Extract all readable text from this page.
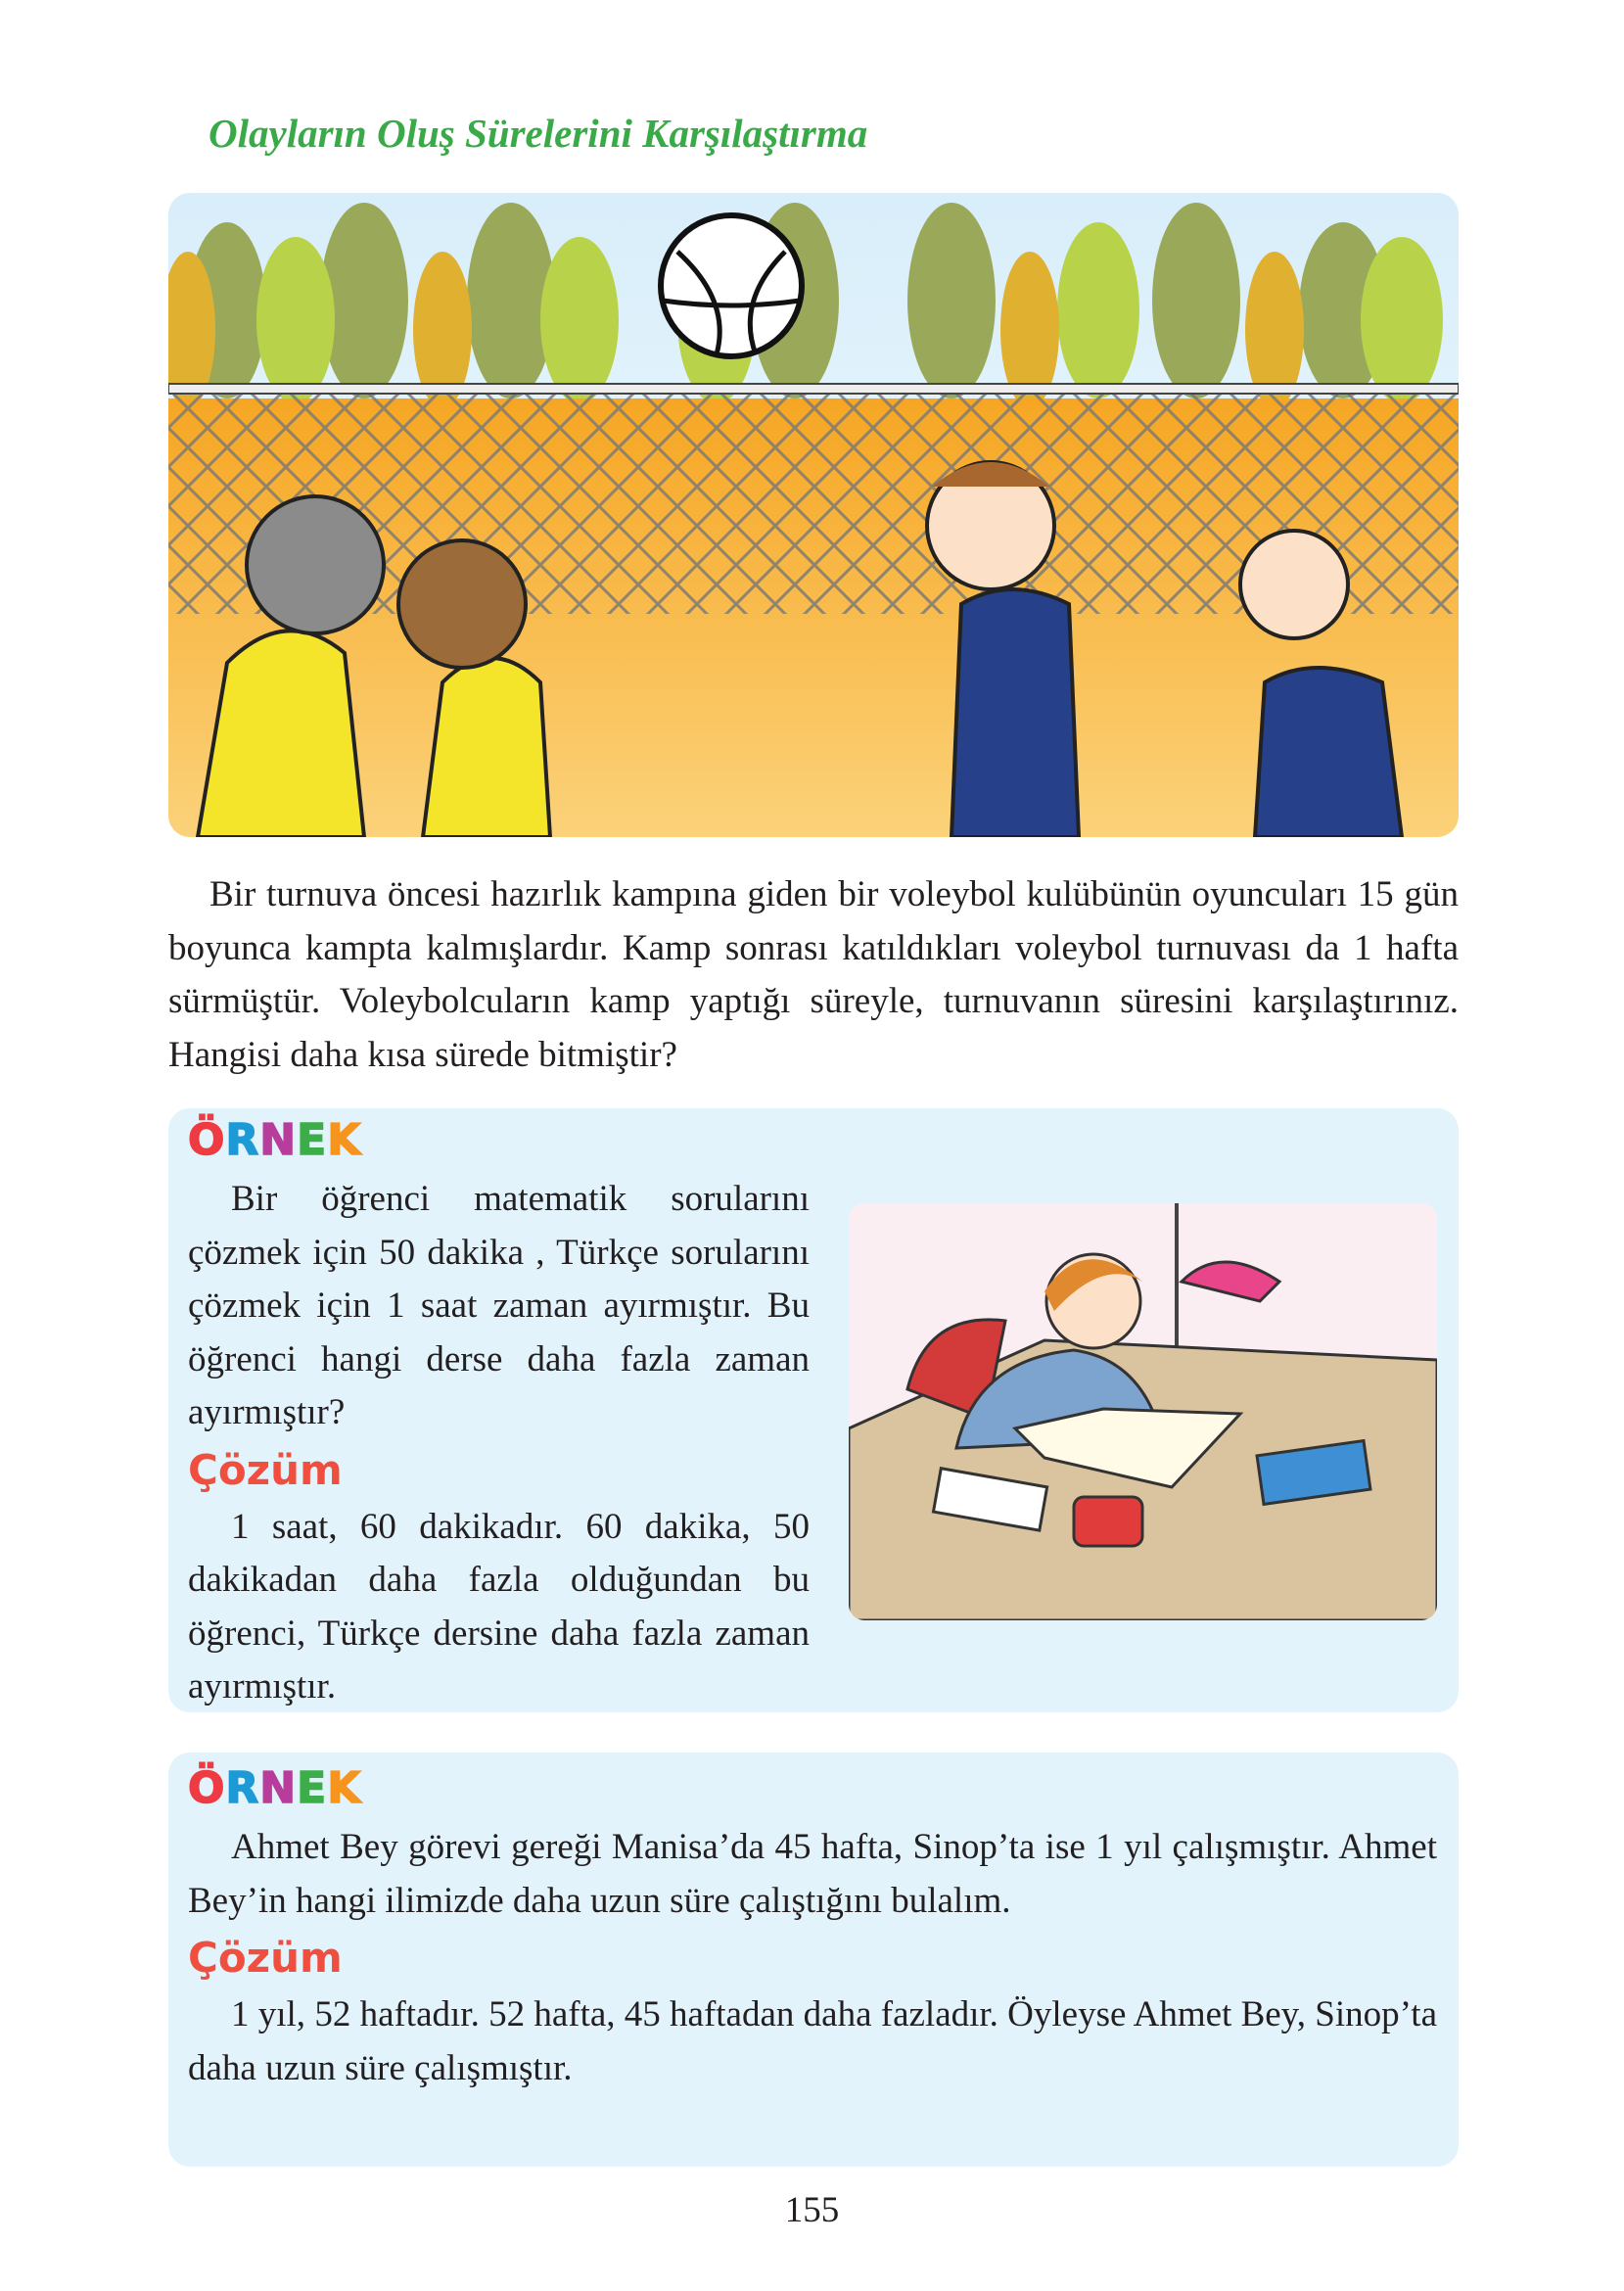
Olayların Oluş Sürelerini Karşılaştırma

Bir turnuva öncesi hazırlık kampına giden bir voleybol kulübünün oyuncuları 15 gün boyunca kampta kalmışlardır. Kamp sonrası katıldıkları voleybol turnuvası da 1 hafta sürmüştür. Voleybolcuların kamp yaptığı süreyle, turnuvanın süresini karşılaştırınız. Hangisi daha kısa sürede bitmiştir?

ÖRNEK

Bir öğrenci matematik sorularını çözmek için 50 dakika , Türkçe sorularını çözmek için 1 saat zaman ayırmıştır. Bu öğrenci hangi derse daha fazla zaman ayırmıştır?

Çözüm

1 saat, 60 dakikadır. 60 dakika, 50 dakikadan daha fazla olduğundan bu öğrenci, Türkçe dersine daha fazla zaman ayırmıştır.

ÖRNEK

Ahmet Bey görevi gereği Manisa’da 45 hafta, Sinop’ta ise 1 yıl çalışmıştır. Ahmet Bey’in hangi ilimizde daha uzun süre çalıştığını bulalım.

Çözüm

1 yıl, 52 haftadır. 52 hafta, 45 haftadan daha fazladır. Öyleyse Ahmet Bey, Sinop’ta daha uzun süre çalışmıştır.

155
